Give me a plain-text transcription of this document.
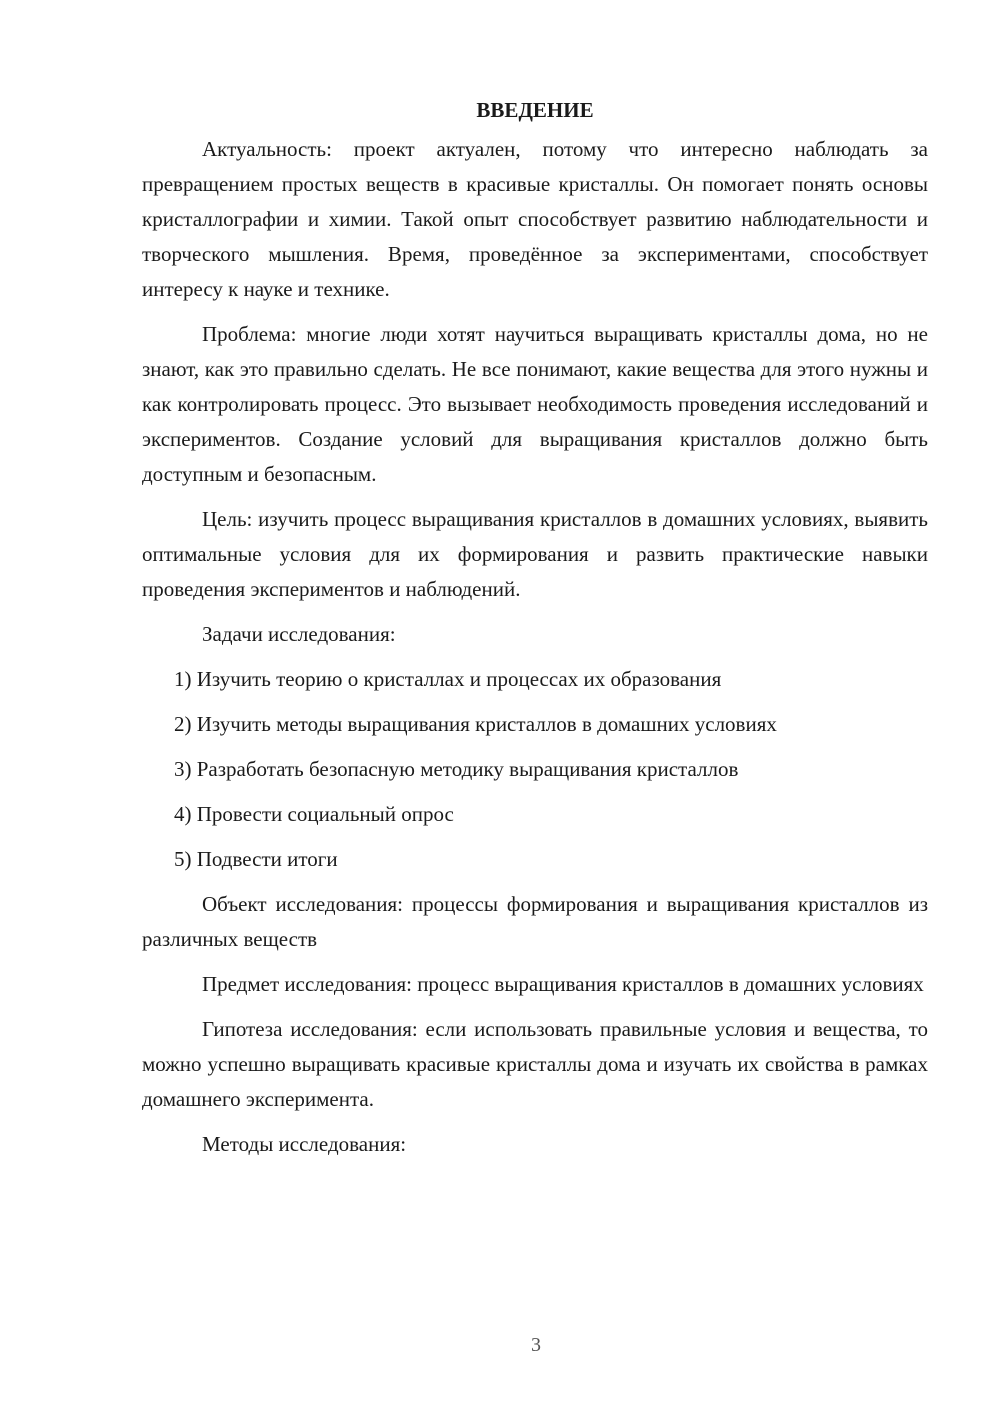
ВВЕДЕНИЕ

Актуальность: проект актуален, потому что интересно наблюдать за превращением простых веществ в красивые кристаллы. Он помогает понять основы кристаллографии и химии. Такой опыт способствует развитию наблюдательности и творческого мышления. Время, проведённое за экспериментами, способствует интересу к науке и технике.

Проблема: многие люди хотят научиться выращивать кристаллы дома, но не знают, как это правильно сделать. Не все понимают, какие вещества для этого нужны и как контролировать процесс. Это вызывает необходимость проведения исследований и экспериментов. Создание условий для выращивания кристаллов должно быть доступным и безопасным.

Цель: изучить процесс выращивания кристаллов в домашних условиях, выявить оптимальные условия для их формирования и развить практические навыки проведения экспериментов и наблюдений.

Задачи исследования:

1) Изучить теорию о кристаллах и процессах их образования
2) Изучить методы выращивания кристаллов в домашних условиях
3) Разработать безопасную методику выращивания кристаллов
4) Провести социальный опрос
5) Подвести итоги

Объект исследования: процессы формирования и выращивания кристаллов из различных веществ

Предмет исследования: процесс выращивания кристаллов в домашних условиях

Гипотеза исследования: если использовать правильные условия и вещества, то можно успешно выращивать красивые кристаллы дома и изучать их свойства в рамках домашнего эксперимента.

Методы исследования:

3
